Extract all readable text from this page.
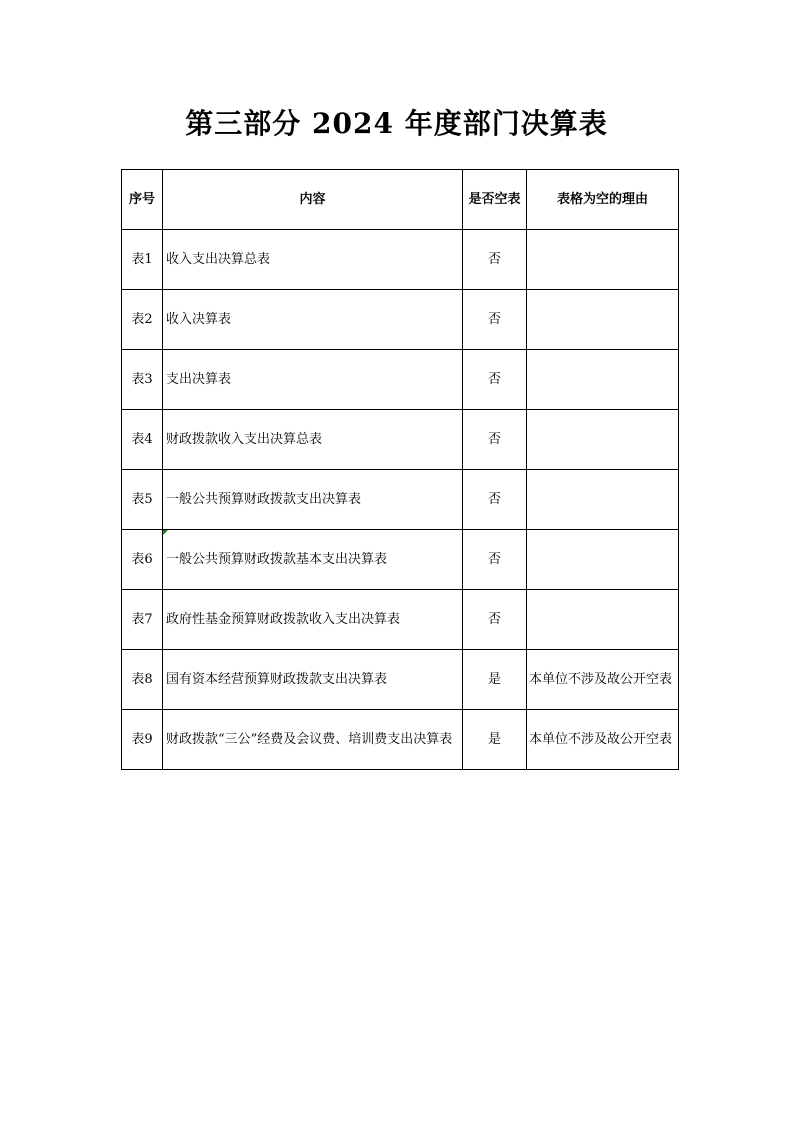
第三部分 2024 年度部门决算表
序号	内容	是否空表	表格为空的理由
表1	收入支出决算总表	否	
表2	收入决算表	否	
表3	支出决算表	否	
表4	财政拨款收入支出决算总表	否	
表5	一般公共预算财政拨款支出决算表	否	
表6	一般公共预算财政拨款基本支出决算表	否	
表7	政府性基金预算财政拨款收入支出决算表	否	
表8	国有资本经营预算财政拨款支出决算表	是	本单位不涉及故公开空表
表9	财政拨款“三公”经费及会议费、培训费支出决算表	是	本单位不涉及故公开空表
